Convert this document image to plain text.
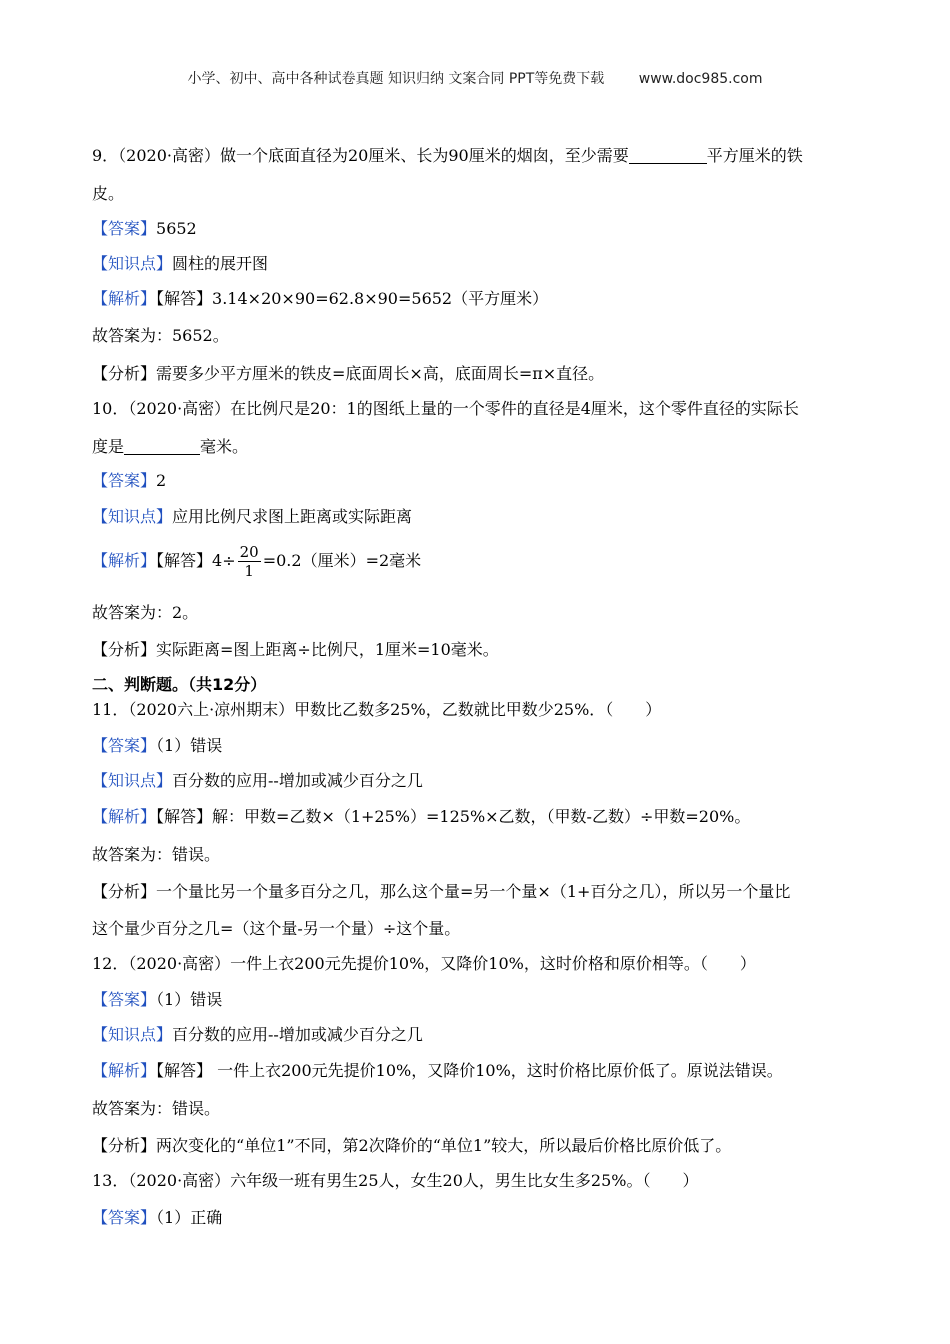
小学、初中、高中各种试卷真题 知识归纳 文案合同 PPT等免费下载 www.doc985.com
9．（2020·高密）做一个底面直径为20厘米、长为90厘米的烟囱，至少需要	平方厘米的铁
皮。
【答案】5652
【知识点】圆柱的展开图
【解析】【解答】3.14×20×90=62.8×90=5652（平方厘米）
故答案为：5652。
【分析】需要多少平方厘米的铁皮=底面周长×高，底面周长=π×直径。
10．（2020·高密）在比例尺是20：1的图纸上量的一个零件的直径是4厘米，这个零件直径的实际长
度是	毫米。
【答案】2
【知识点】应用比例尺求图上距离或实际距离
【解析】【解答】$4\div \frac{20}{1} =0.2$（厘米）=2毫米
故答案为：2。
【分析】实际距离=图上距离÷比例尺，1厘米=10毫米。
二、判断题。（共12分）
11．（2020六上·凉州期末）甲数比乙数多25%，乙数就比甲数少25%．（　　）
【答案】（1）错误
【知识点】百分数的应用--增加或减少百分之几
【解析】【解答】解：甲数=乙数×（1+25%）=125%×乙数，（甲数-乙数）÷甲数=20%。
故答案为：错误。
【分析】一个量比另一个量多百分之几，那么这个量=另一个量×（1+百分之几），所以另一个量比
这个量少百分之几=（这个量-另一个量）÷这个量。
12．（2020·高密）一件上衣200元先提价10%，又降价10%，这时价格和原价相等。（　　）
【答案】（1）错误
【知识点】百分数的应用--增加或减少百分之几
【解析】【解答】 一件上衣200元先提价10%，又降价10%，这时价格比原价低了。原说法错误。
故答案为：错误。
【分析】两次变化的“单位1”不同，第2次降价的“单位1”较大，所以最后价格比原价低了。
13．（2020·高密）六年级一班有男生25人，女生20人，男生比女生多25%。（　　）
【答案】（1）正确
